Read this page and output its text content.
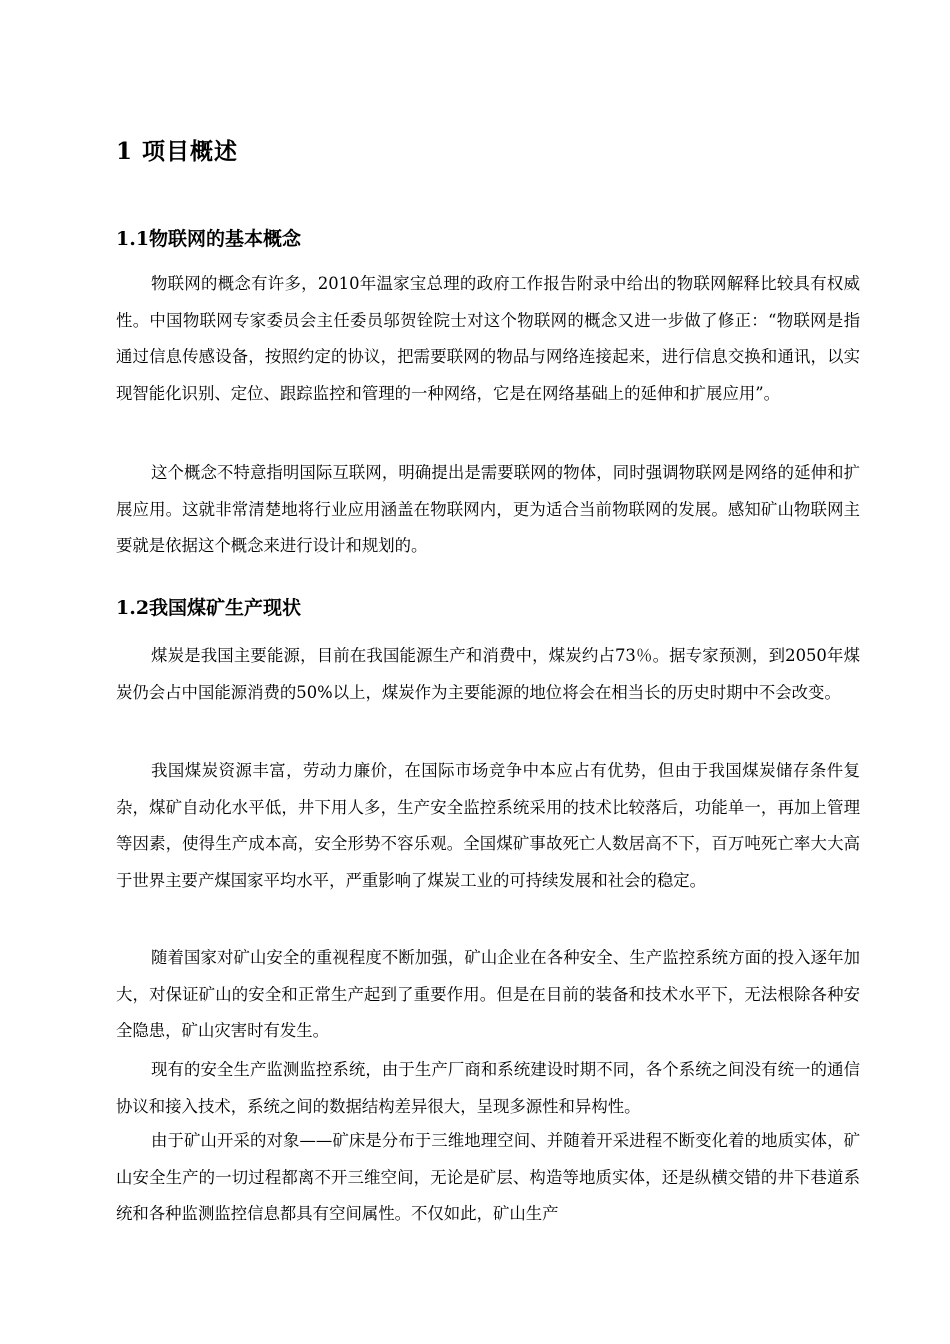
1 项目概述
1.1物联网的基本概念

物联网的概念有许多，2010年温家宝总理的政府工作报告附录中给出的物联网解释比较具有权威性。中国物联网专家委员会主任委员邬贺铨院士对这个物联网的概念又进一步做了修正：“物联网是指通过信息传感设备，按照约定的协议，把需要联网的物品与网络连接起来，进行信息交换和通讯，以实现智能化识别、定位、跟踪监控和管理的一种网络，它是在网络基础上的延伸和扩展应用”。

这个概念不特意指明国际互联网，明确提出是需要联网的物体，同时强调物联网是网络的延伸和扩展应用。这就非常清楚地将行业应用涵盖在物联网内，更为适合当前物联网的发展。感知矿山物联网主要就是依据这个概念来进行设计和规划的。

1.2我国煤矿生产现状

煤炭是我国主要能源，目前在我国能源生产和消费中，煤炭约占73％。据专家预测，到2050年煤炭仍会占中国能源消费的50%以上，煤炭作为主要能源的地位将会在相当长的历史时期中不会改变。

我国煤炭资源丰富，劳动力廉价，在国际市场竞争中本应占有优势，但由于我国煤炭储存条件复杂，煤矿自动化水平低，井下用人多，生产安全监控系统采用的技术比较落后，功能单一，再加上管理等因素，使得生产成本高，安全形势不容乐观。全国煤矿事故死亡人数居高不下，百万吨死亡率大大高于世界主要产煤国家平均水平，严重影响了煤炭工业的可持续发展和社会的稳定。

随着国家对矿山安全的重视程度不断加强，矿山企业在各种安全、生产监控系统方面的投入逐年加大，对保证矿山的安全和正常生产起到了重要作用。但是在目前的装备和技术水平下，无法根除各种安全隐患，矿山灾害时有发生。

现有的安全生产监测监控系统，由于生产厂商和系统建设时期不同，各个系统之间没有统一的通信协议和接入技术，系统之间的数据结构差异很大，呈现多源性和异构性。

由于矿山开采的对象——矿床是分布于三维地理空间、并随着开采进程不断变化着的地质实体，矿山安全生产的一切过程都离不开三维空间，无论是矿层、构造等地质实体，还是纵横交错的井下巷道系统和各种监测监控信息都具有空间属性。不仅如此，矿山生产
